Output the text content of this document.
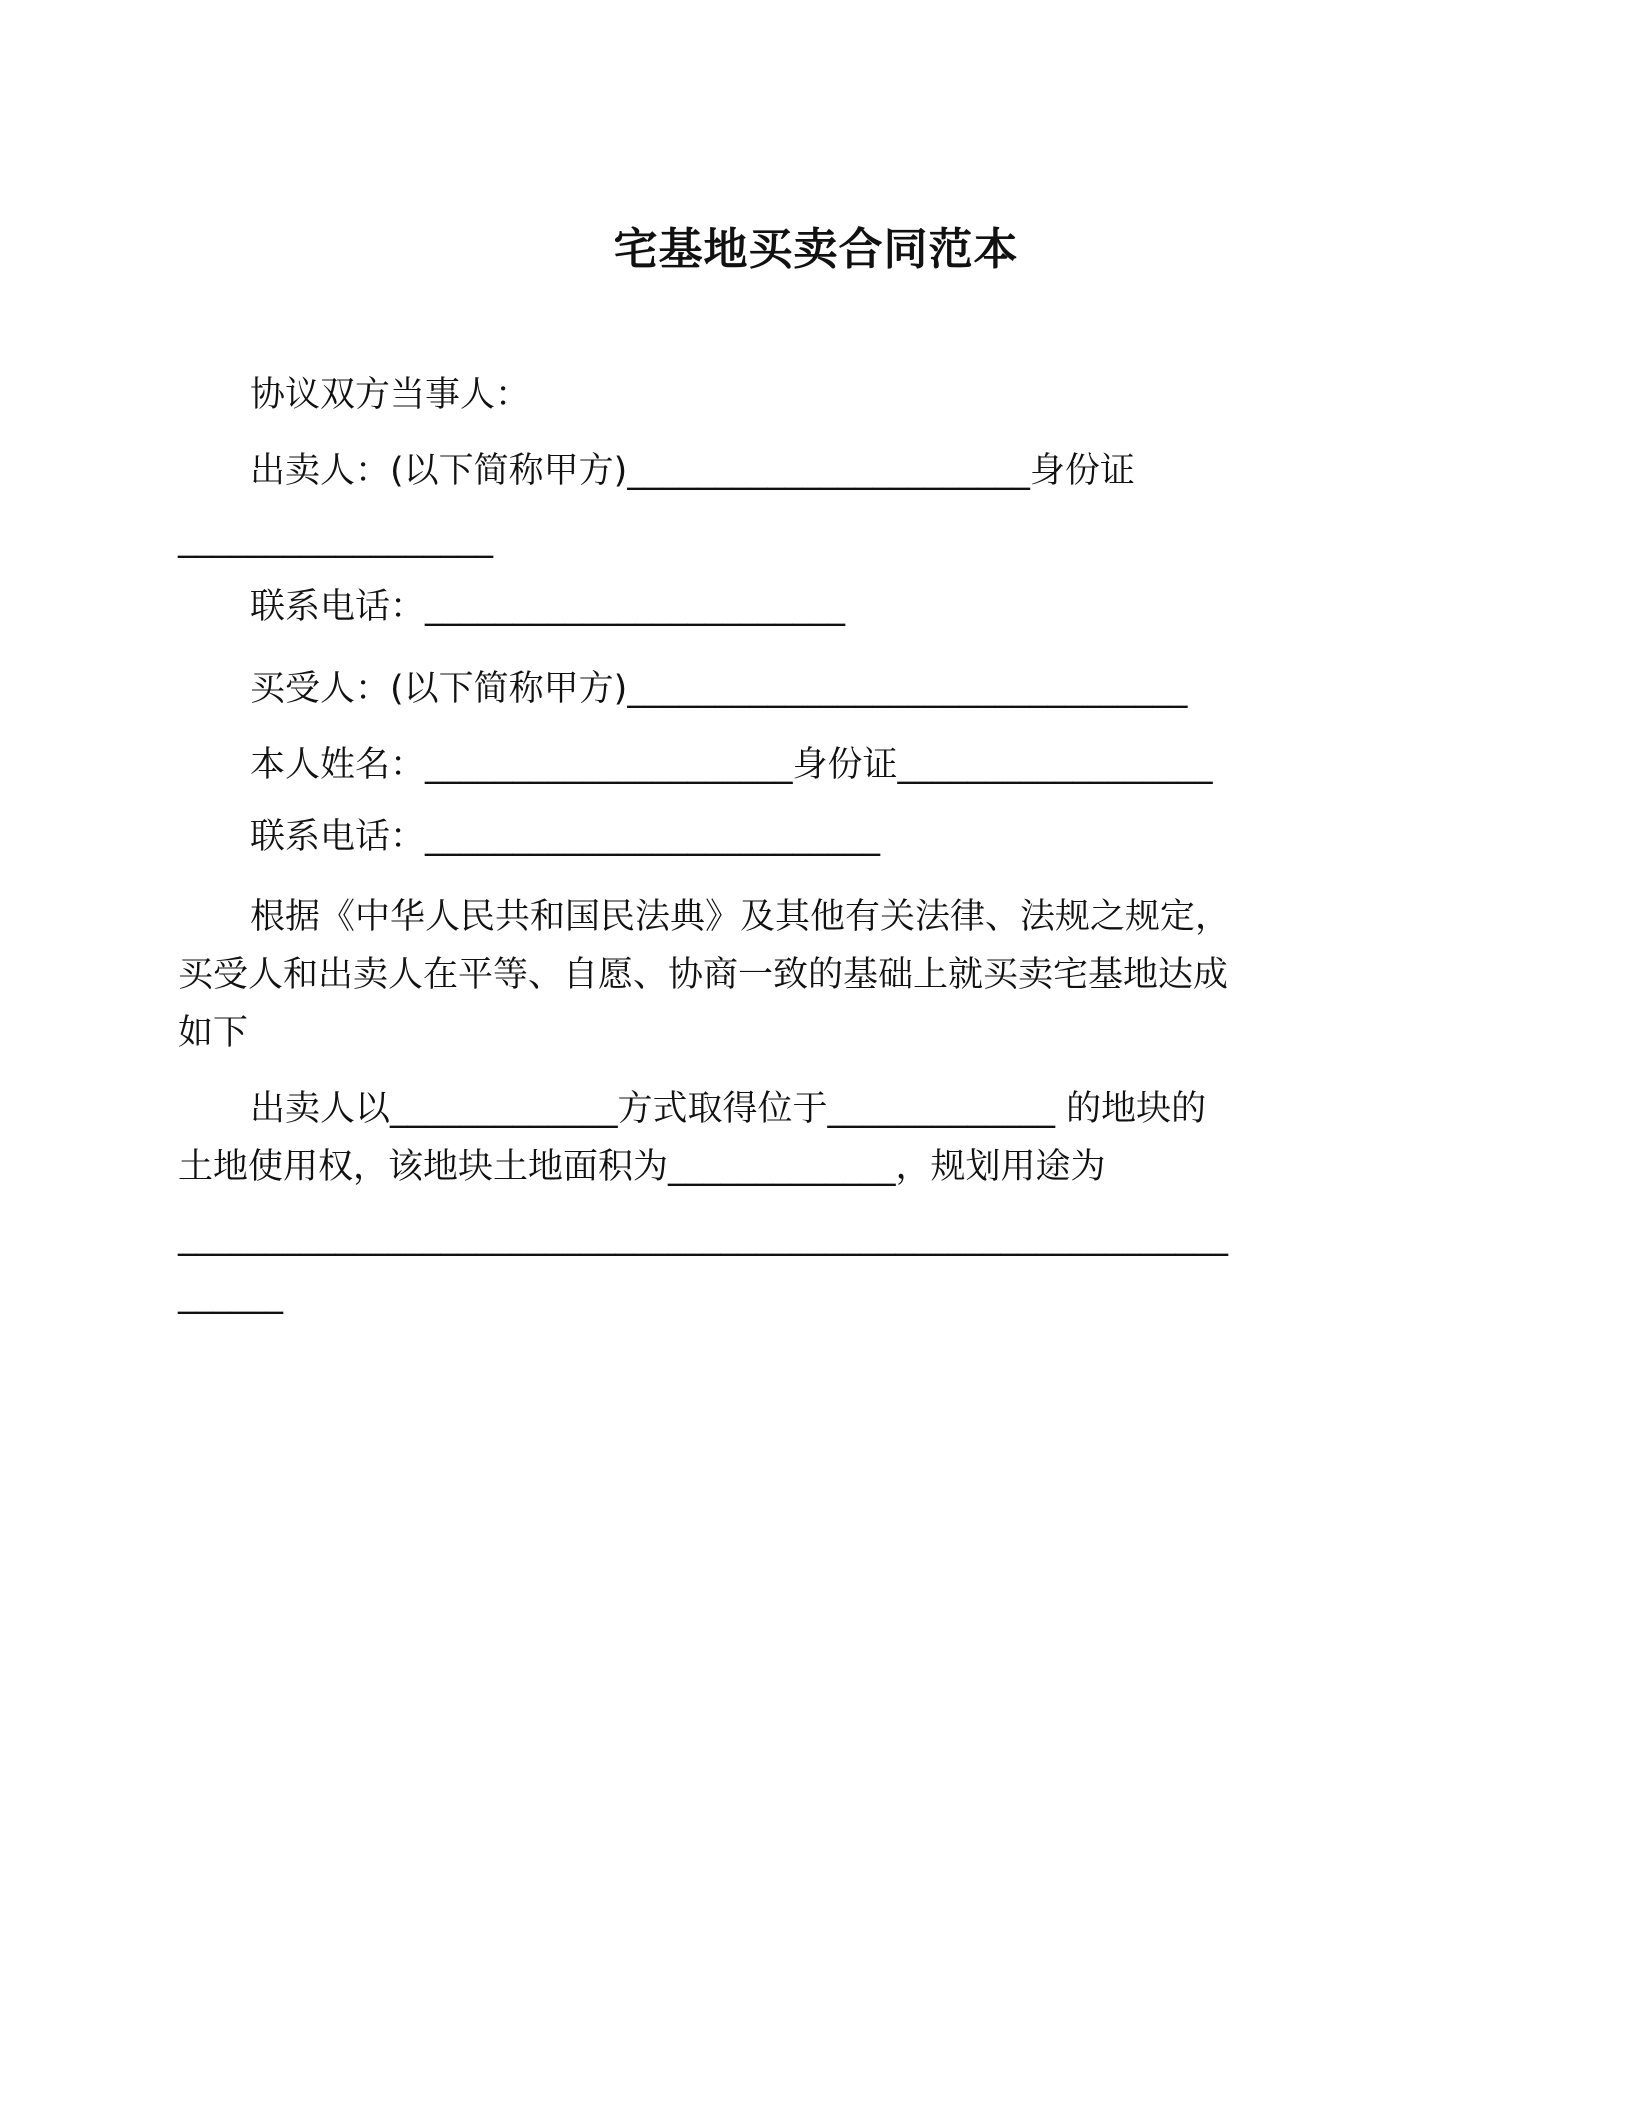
宅基地买卖合同范本
协议双方当事人：
出卖人：(以下简称甲方)_______________________身份证
__________________
联系电话：________________________
买受人：(以下简称甲方)________________________________
本人姓名：_____________________身份证__________________
联系电话：__________________________
根据《中华人民共和国民法典》及其他有关法律、法规之规定，
买受人和出卖人在平等、自愿、协商一致的基础上就买卖宅基地达成
如下
出卖人以_____________方式取得位于_____________ 的地块的
土地使用权，该地块土地面积为_____________，规划用途为
____________________________________________________________
______
